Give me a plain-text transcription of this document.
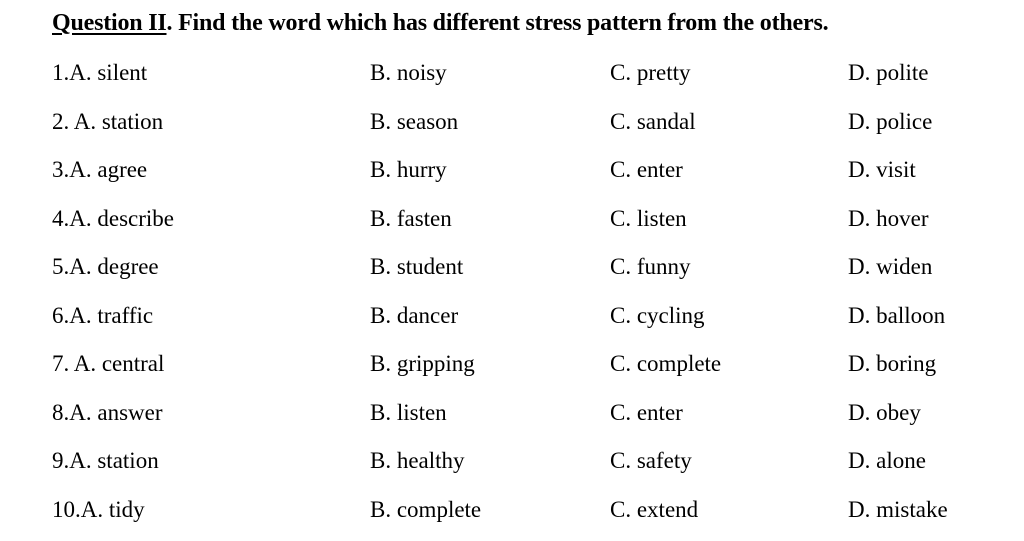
Question II. Find the word which has different stress pattern from the others.
1.A. silent	B. noisy	C. pretty	D. polite
2. A. station	B. season	C. sandal	D. police
3.A. agree	B. hurry	C. enter	D. visit
4.A. describe	B. fasten	C. listen	D. hover
5.A. degree	B. student	C. funny	D. widen
6.A. traffic	B. dancer	C. cycling	D. balloon
7. A. central	B. gripping	C. complete	D. boring
8.A. answer	B. listen	C. enter	D. obey
9.A. station	B. healthy	C. safety	D. alone
10.A. tidy	B. complete	C. extend	D. mistake
